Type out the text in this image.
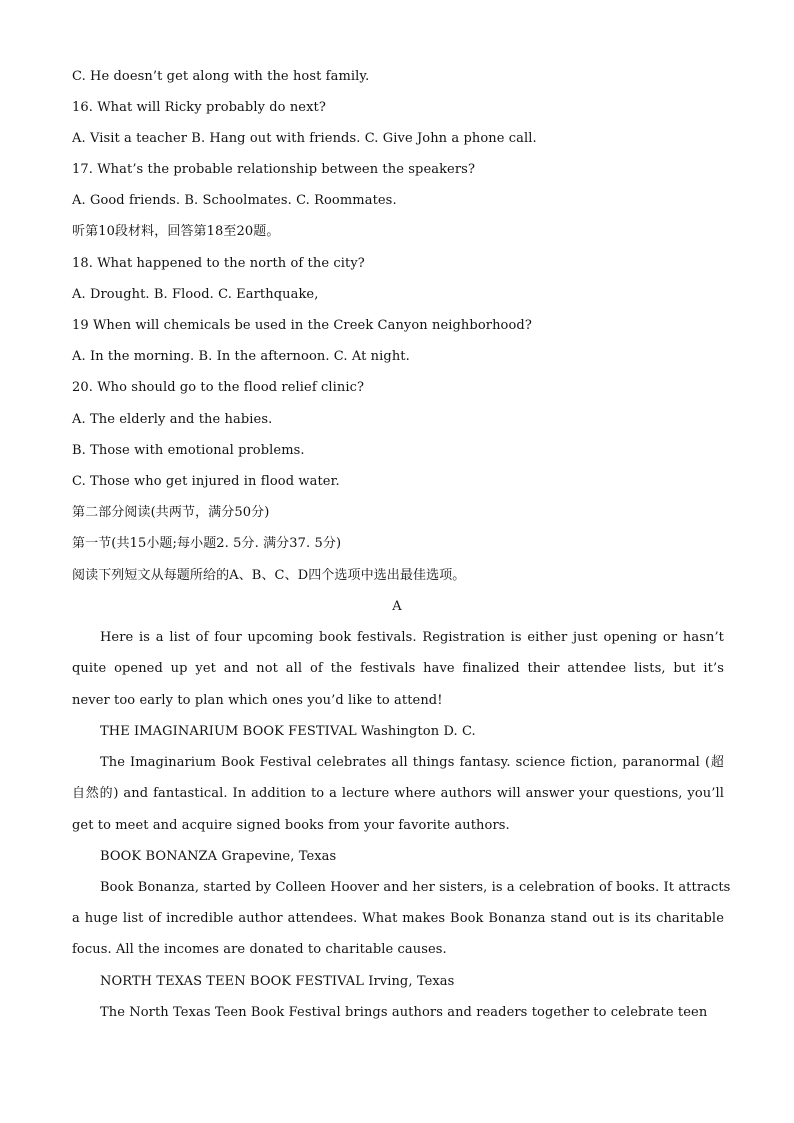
C. He doesn’t get along with the host family.
16. What will Ricky probably do next?
A. Visit a teacher B. Hang out with friends. C. Give John a phone call.
17. What’s the probable relationship between the speakers?
A. Good friends. B. Schoolmates. C. Roommates.
听第10段材料，回答第18至20题。
18. What happened to the north of the city?
A. Drought. B. Flood. C. Earthquake,
19 When will chemicals be used in the Creek Canyon neighborhood?
A. In the morning. B. In the afternoon. C. At night.
20. Who should go to the flood relief clinic?
A. The elderly and the habies.
B. Those with emotional problems.
C. Those who get injured in flood water.
第二部分阅读(共两节，满分50分)
第一节(共15小题;每小题2. 5分. 满分37. 5分)
阅读下列短文从每题所给的A、B、C、D四个选项中选出最佳选项。
A
Here is a list of four upcoming book festivals. Registration is either just opening or hasn’t
quite opened up yet and not all of the festivals have finalized their attendee lists, but it’s
never too early to plan which ones you’d like to attend!
THE IMAGINARIUM BOOK FESTIVAL Washington D. C.
The Imaginarium Book Festival celebrates all things fantasy. science fiction, paranormal (超
自然的) and fantastical. In addition to a lecture where authors will answer your questions, you’ll
get to meet and acquire signed books from your favorite authors.
BOOK BONANZA Grapevine, Texas
Book Bonanza, started by Colleen Hoover and her sisters, is a celebration of books. It attracts
a huge list of incredible author attendees. What makes Book Bonanza stand out is its charitable
focus. All the incomes are donated to charitable causes.
NORTH TEXAS TEEN BOOK FESTIVAL Irving, Texas
The North Texas Teen Book Festival brings authors and readers together to celebrate teen
